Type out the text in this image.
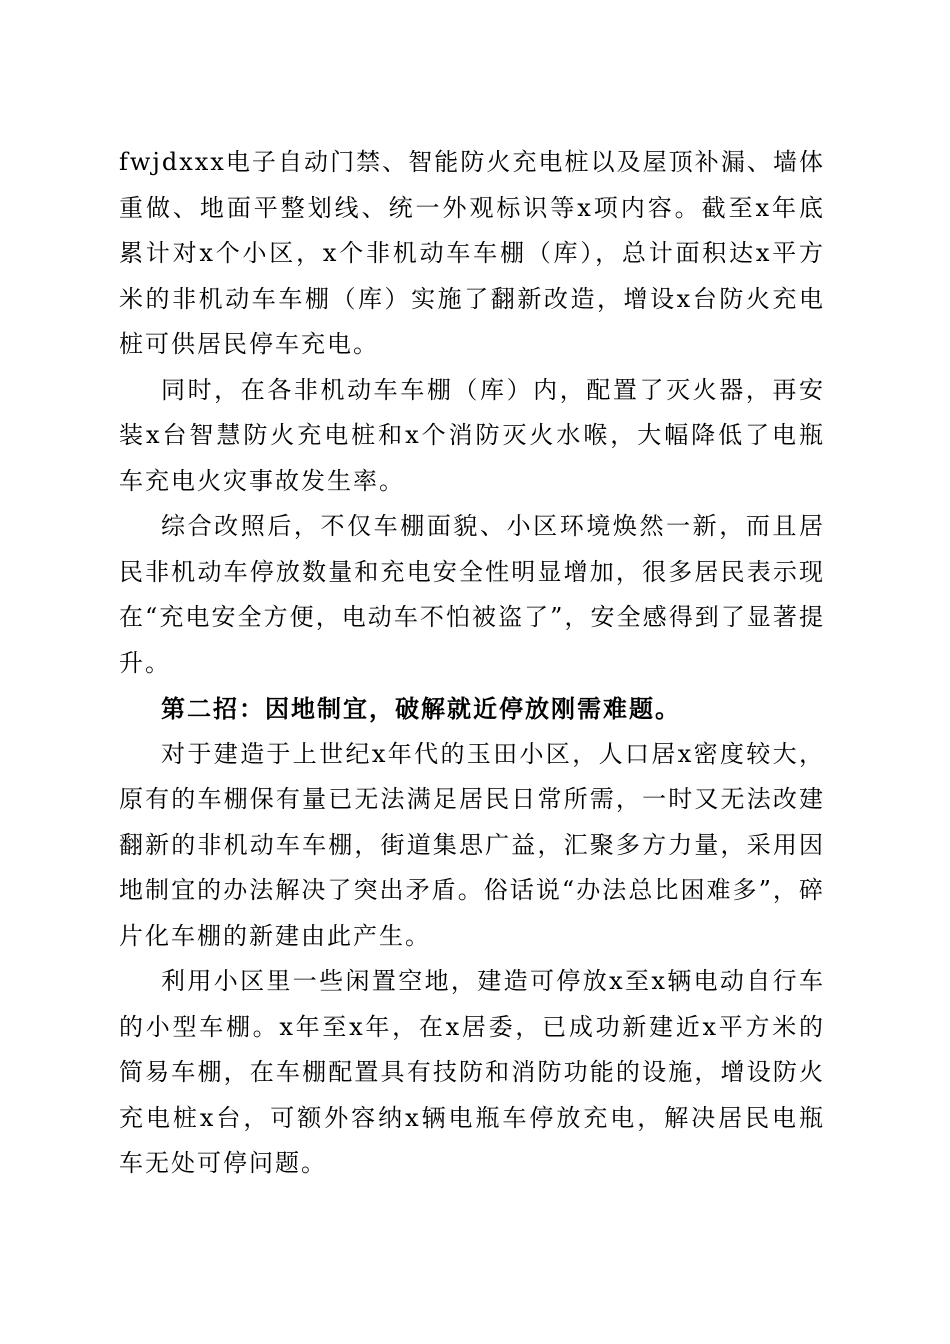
fwjdxxx电子自动门禁、智能防火充电桩以及屋顶补漏、墙体重做、地面平整划线、统一外观标识等x项内容。截至x年底累计对x个小区，x个非机动车车棚（库），总计面积达x平方米的非机动车车棚（库）实施了翻新改造，增设x台防火充电桩可供居民停车充电。

同时，在各非机动车车棚（库）内，配置了灭火器，再安装x台智慧防火充电桩和x个消防灭火水喉，大幅降低了电瓶车充电火灾事故发生率。

综合改照后，不仅车棚面貌、小区环境焕然一新，而且居民非机动车停放数量和充电安全性明显增加，很多居民表示现在“充电安全方便，电动车不怕被盗了”，安全感得到了显著提升。

第二招：因地制宜，破解就近停放刚需难题。

对于建造于上世纪x年代的玉田小区，人口居x密度较大，原有的车棚保有量已无法满足居民日常所需，一时又无法改建翻新的非机动车车棚，街道集思广益，汇聚多方力量，采用因地制宜的办法解决了突出矛盾。俗话说“办法总比困难多”，碎片化车棚的新建由此产生。

利用小区里一些闲置空地，建造可停放x至x辆电动自行车的小型车棚。x年至x年，在x居委，已成功新建近x平方米的简易车棚，在车棚配置具有技防和消防功能的设施，增设防火充电桩x台，可额外容纳x辆电瓶车停放充电，解决居民电瓶车无处可停问题。
